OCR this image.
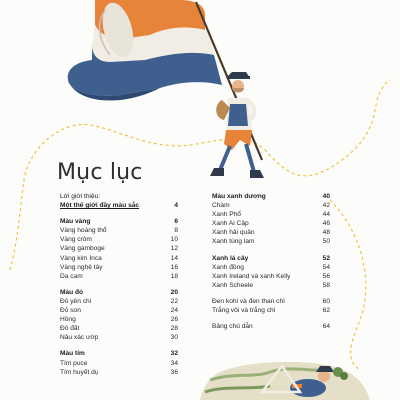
Mục lục
Lời giới thiệu:
Một thế giới đầy màu sắc	4
Màu vàng	6
Vàng hoàng thổ	8
Vàng crôm	10
Vàng gamboge	12
Vàng kim Inca	14
Vàng nghệ tây	16
Da cam	18
Màu đỏ	20
Đỏ yên chi	22
Đỏ son	24
Hồng	26
Đỏ đất	28
Nâu xác ướp	30
Màu tím	32
Tím puce	34
Tím huyết dụ	36
Màu xanh dương	40
Chàm	42
Xanh Phổ	44
Xanh Ai Cập	46
Xanh hải quân	48
Xanh tùng lam	50
Xanh lá cây	52
Xanh đồng	54
Xanh Ireland và xanh Kelly	56
Xanh Scheele	58
Đen kohl và đen than chì	60
Trắng vôi và trắng chì	62
Bảng chú dẫn	64
